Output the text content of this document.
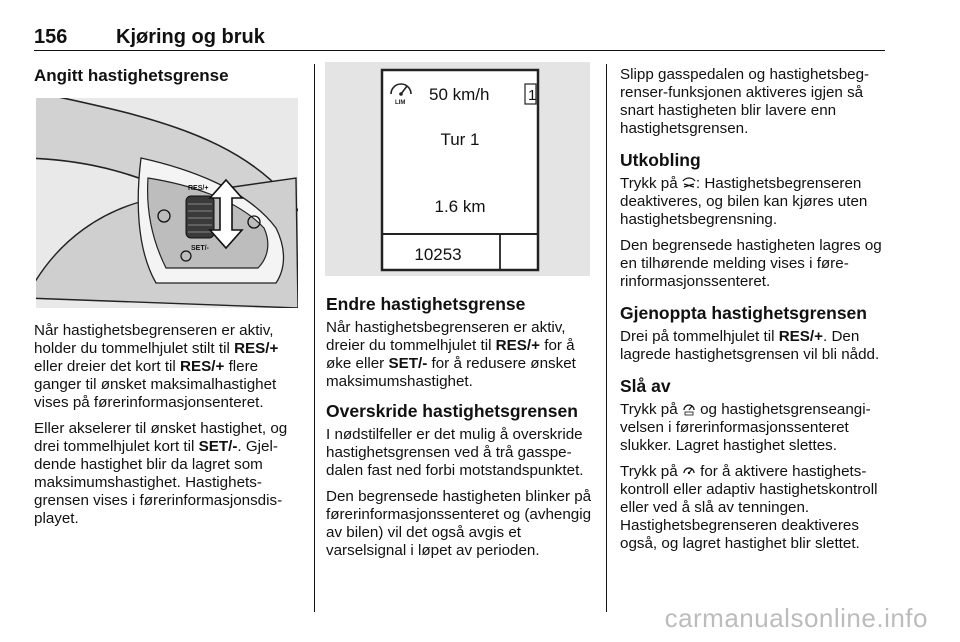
156 Kjøring og bruk
Angitt hastighetsgrense
RES/+
SET/-

Når hastighetsbegrenseren er aktiv, holder du tommelhjulet stilt til RES/+ eller dreier det kort til RES/+ flere ganger til ønsket maksimalhastighet vises på førerinformasjonsenteret.

Eller akselerer til ønsket hastighet, og drei tommelhjulet kort til SET/-. Gjeldende hastighet blir da lagret som maksimumshastighet. Hastighetsgrensen vises i førerinformasjonsdisplayet.

LIM 50 km/h	1
Tur 1
1.6 km
10253
Endre hastighetsgrense

Når hastighetsbegrenseren er aktiv, dreier du tommelhjulet til RES/+ for å øke eller SET/- for å redusere ønsket maksimumshastighet.

Overskride hastighetsgrensen

I nødstilfeller er det mulig å overskride hastighetsgrensen ved å trå gasspedalen fast ned forbi motstandspunktet.

Den begrensede hastigheten blinker på førerinformasjonssenteret og (avhengig av bilen) vil det også avgis et varselsignal i løpet av perioden.

Slipp gasspedalen og hastighetsbegrenser-funksjonen aktiveres igjen så snart hastigheten blir lavere enn hastighetsgrensen.

Utkobling

Trykk på : Hastighetsbegrenseren deaktiveres, og bilen kan kjøres uten hastighetsbegrensning.

Den begrensede hastigheten lagres og en tilhørende melding vises i førerinformasjonssenteret.

Gjenoppta hastighetsgrensen

Drei på tommelhjulet til RES/+. Den lagrede hastighetsgrensen vil bli nådd.

Slå av

Trykk på  og hastighetsgrenseangivelsen i førerinformasjonssenteret slukker. Lagret hastighet slettes.

Trykk på  for å aktivere hastighetskontroll eller adaptiv hastighetskontroll eller ved å slå av tenningen. Hastighetsbegrenseren deaktiveres også, og lagret hastighet blir slettet.

carmanualsonline.info
